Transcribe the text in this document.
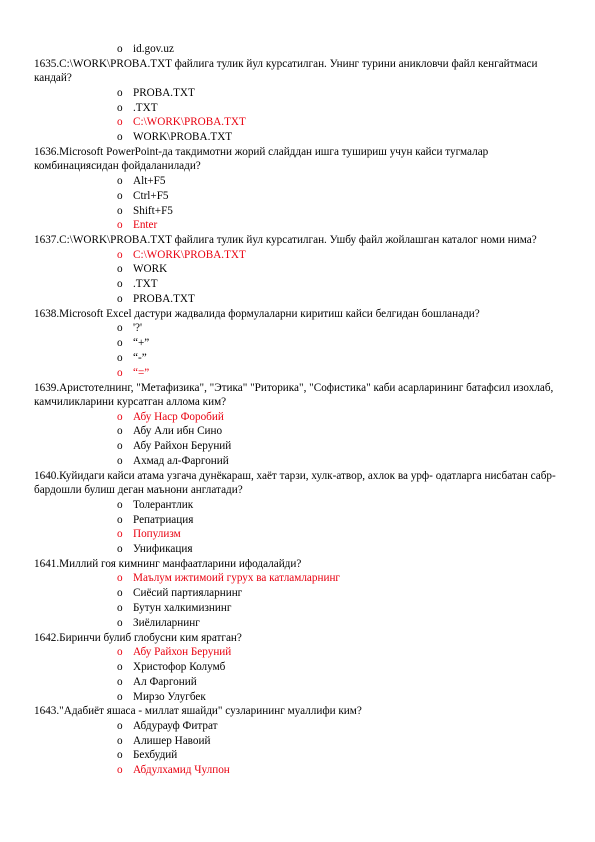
o id.gov.uz
1635.C:\WORK\PROBA.TXT файлига тулик йул курсатилган. Унинг турини аникловчи файл кенгайтмаси кандай?
o PROBA.TXT
o .TXT
o C:\WORK\PROBA.TXT
o WORK\PROBA.TXT
1636.Microsoft PowerPoint-да такдимотни жорий слайддан ишга тушириш учун кайси тугмалар комбинациясидан фойдаланилади?
o Alt+F5
o Ctrl+F5
o Shift+F5
o Enter
1637.C:\WORK\PROBA.TXT файлига тулик йул курсатилган. Ушбу файл жойлашган каталог номи нима?
o C:\WORK\PROBA.TXT
o WORK
o .TXT
o PROBA.TXT
1638.Microsoft Excel дастури жадвалида формулаларни киритиш кайси белгидан бошланади?
o '?'
o “+”
o “-”
o “=”
1639.Аристотелнинг, "Метафизика", "Этика" "Риторика", "Софистика" каби асарларининг батафсил изохлаб, камчиликларини курсатган аллома ким?
o Абу Наср Форобий
o Абу Али ибн Сино
o Абу Райхон Беруний
o Ахмад ал-Фаргоний
1640.Куйидаги кайси атама узгача дунёкараш, хаёт тарзи, хулк-атвор, ахлок ва урф- одатларга нисбатан сабр-бардошли булиш деган маънони англатади?
o Толерантлик
o Репатриация
o Популизм
o Унификация
1641.Миллий гоя кимнинг манфаатларини ифодалайди?
o Маълум ижтимоий гурух ва катламларнинг
o Сиёсий партияларнинг
o Бутун халкимизнинг
o Зиёлиларнинг
1642.Биринчи булиб глобусни ким яратган?
o Абу Райхон Беруний
o Христофор Колумб
o Ал Фаргоний
o Мирзо Улугбек
1643."Адабиёт яшаса - миллат яшайди" сузларининг муаллифи ким?
o Абдурауф Фитрат
o Алишер Навоий
o Бехбудий
o Абдулхамид Чулпон
